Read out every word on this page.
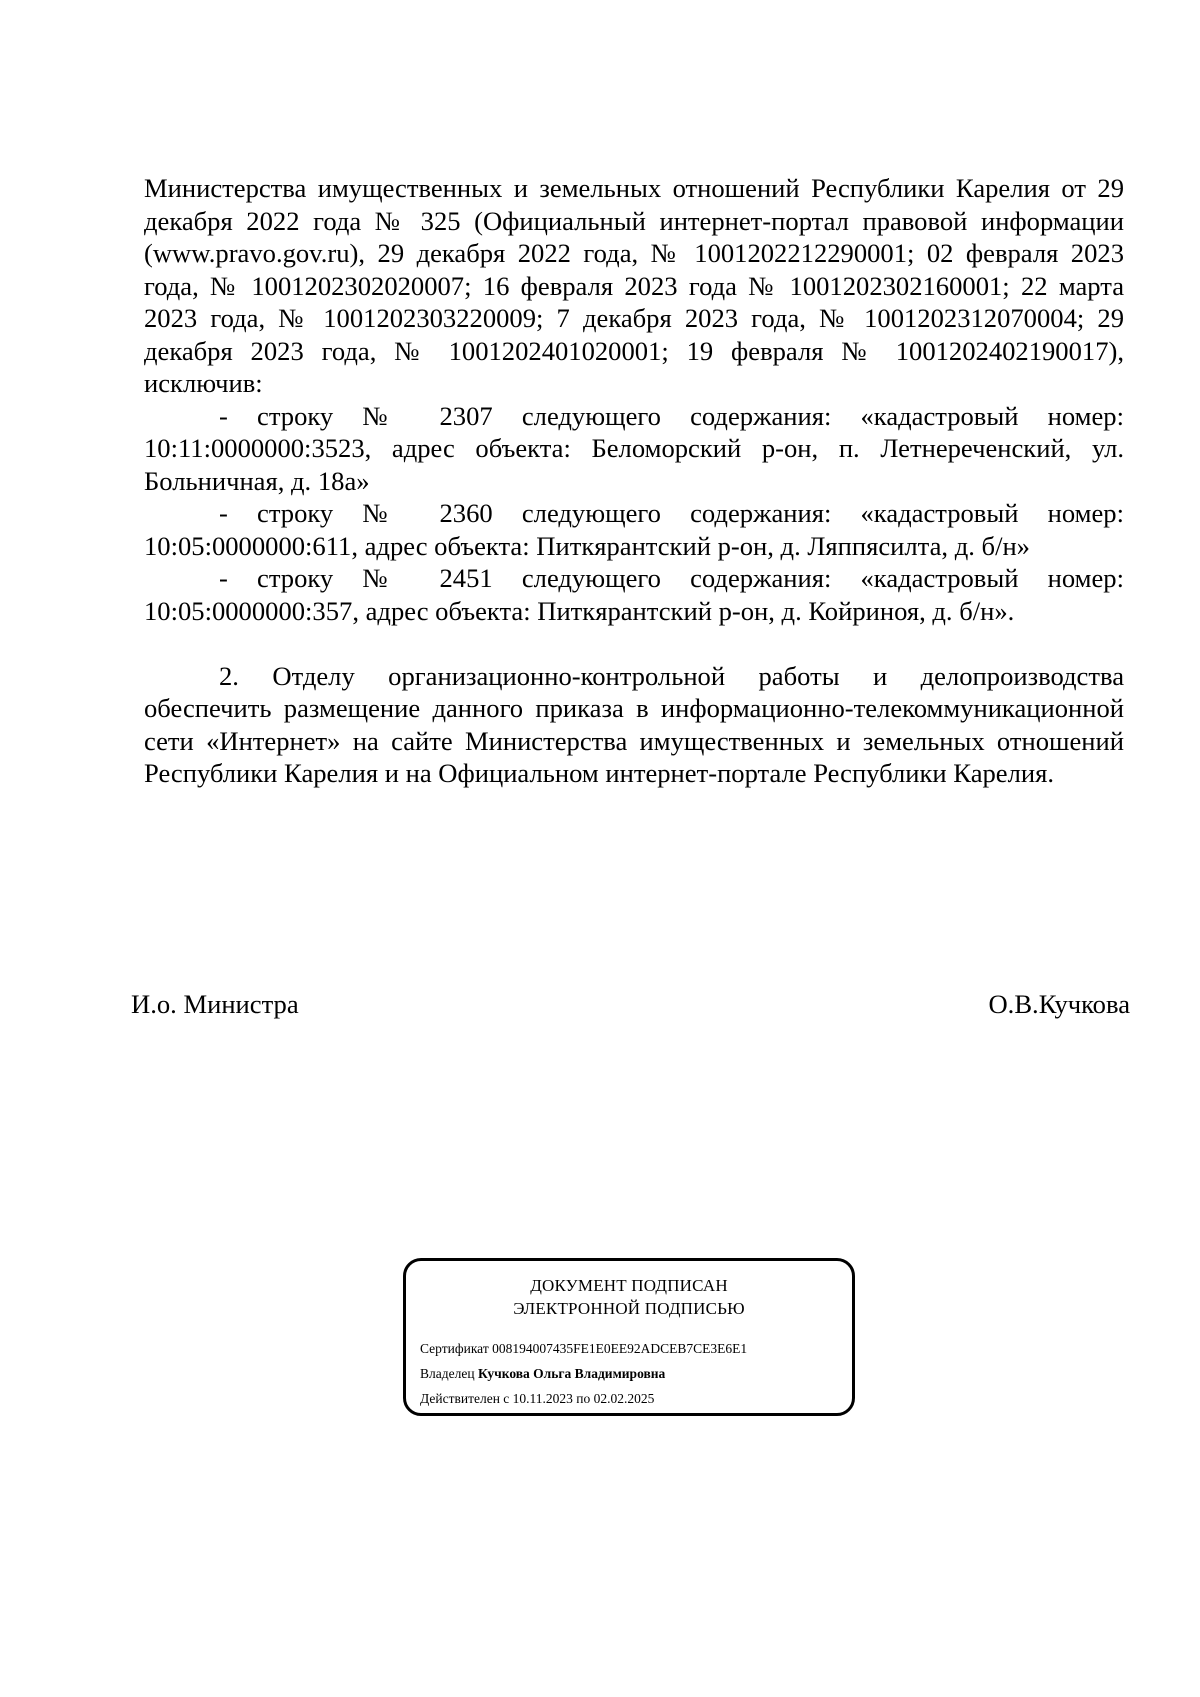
Министерства имущественных и земельных отношений Республики Карелия от 29 декабря 2022 года № 325 (Официальный интернет-портал правовой информации (www.pravo.gov.ru), 29 декабря 2022 года, № 1001202212290001; 02 февраля 2023 года, № 1001202302020007; 16 февраля 2023 года № 1001202302160001; 22 марта 2023 года, № 1001202303220009; 7 декабря 2023 года, № 1001202312070004; 29 декабря 2023 года, № 1001202401020001; 19 февраля № 1001202402190017), исключив:

- строку № 2307 следующего содержания: «кадастровый номер: 10:11:0000000:3523, адрес объекта: Беломорский р-он, п. Летнереченский, ул. Больничная, д. 18а»

- строку № 2360 следующего содержания: «кадастровый номер: 10:05:0000000:611, адрес объекта: Питкярантский р-он, д. Ляппясилта, д. б/н»

- строку № 2451 следующего содержания: «кадастровый номер: 10:05:0000000:357, адрес объекта: Питкярантский р-он, д. Койриноя, д. б/н».

2. Отделу организационно-контрольной работы и делопроизводства обеспечить размещение данного приказа в информационно-телекоммуникационной сети «Интернет» на сайте Министерства имущественных и земельных отношений Республики Карелия и на Официальном интернет-портале Республики Карелия.

И.о. Министра	О.В.Кучкова
ДОКУМЕНТ ПОДПИСАН
ЭЛЕКТРОННОЙ ПОДПИСЬЮ
Сертификат 008194007435FE1E0EE92ADCEB7CE3E6E1
Владелец Кучкова Ольга Владимировна
Действителен с 10.11.2023 по 02.02.2025
